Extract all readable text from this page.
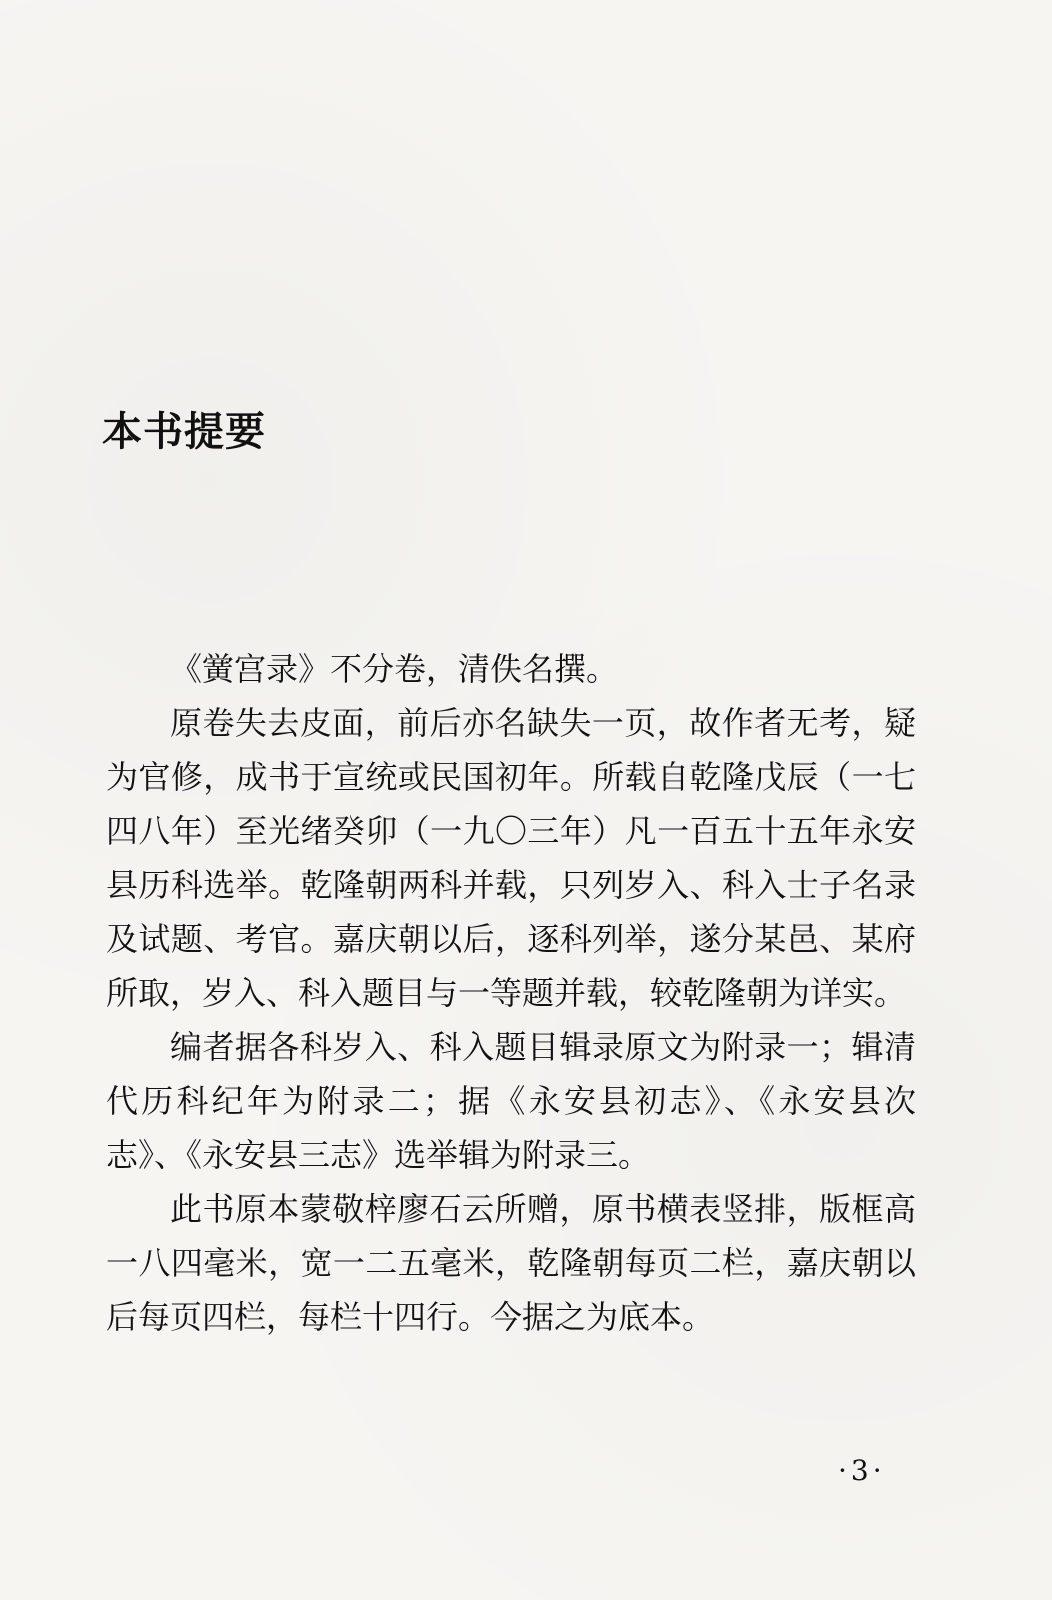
本书提要

《黉宫录》不分卷，清佚名撰。

原卷失去皮面，前后亦名缺失一页，故作者无考，疑为官修，成书于宣统或民国初年。所载自乾隆戊辰（一七四八年）至光绪癸卯（一九〇三年）凡一百五十五年永安县历科选举。乾隆朝两科并载，只列岁入、科入士子名录及试题、考官。嘉庆朝以后，逐科列举，遂分某邑、某府所取，岁入、科入题目与一等题并载，较乾隆朝为详实。

编者据各科岁入、科入题目辑录原文为附录一；辑清代历科纪年为附录二；据《永安县初志》、《永安县次志》、《永安县三志》选举辑为附录三。

此书原本蒙敬梓廖石云所赠，原书横表竖排，版框高一八四毫米，宽一二五毫米，乾隆朝每页二栏，嘉庆朝以后每页四栏，每栏十四行。今据之为底本。

·3·
